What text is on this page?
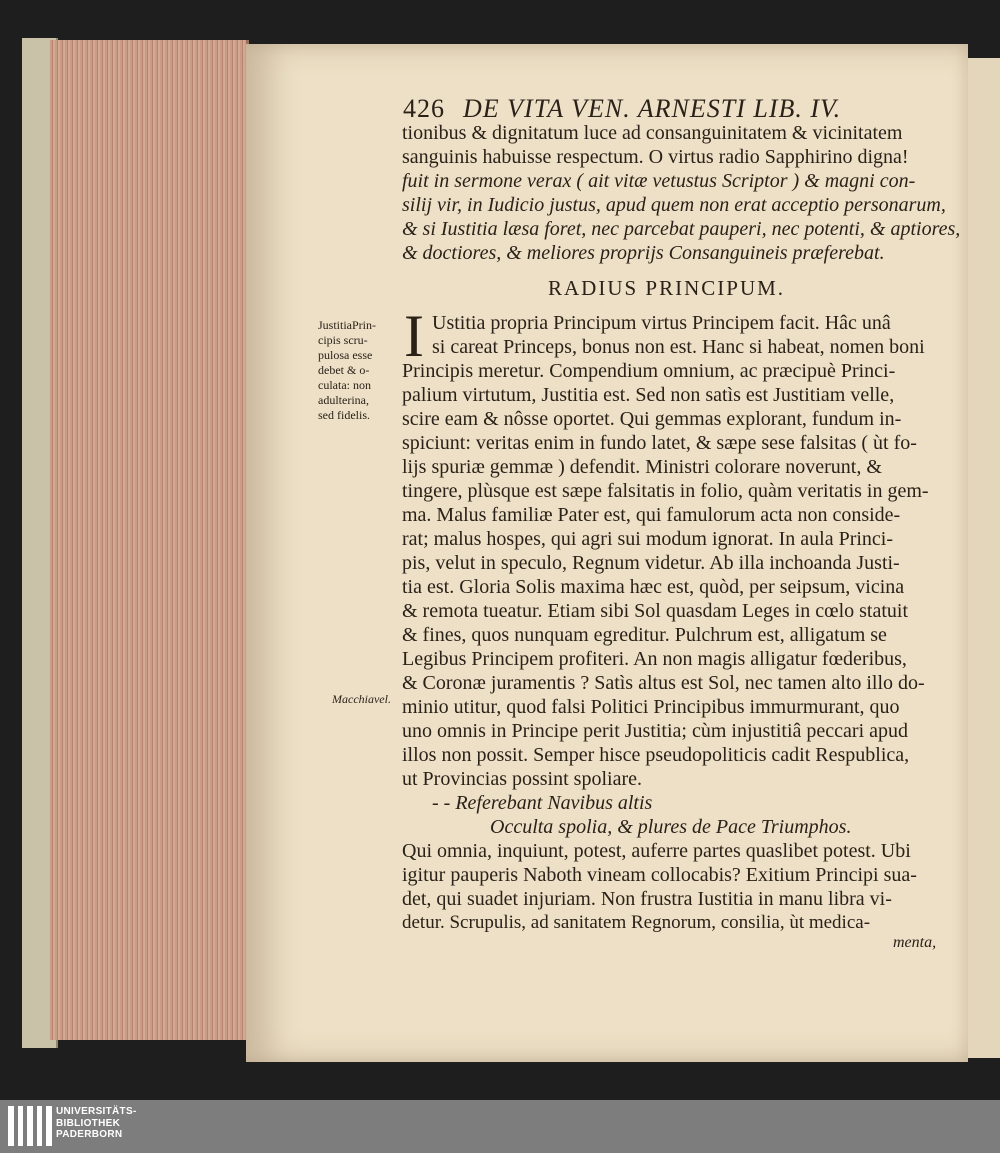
426 DE VITA VEN. ARNESTI LIB. IV.
tionibus & dignitatum luce ad consanguinitatem & vicinitatem
sanguinis habuisse respectum. O virtus radio Sapphirino digna!
fuit in sermone verax ( ait vitæ vetustus Scriptor ) & magni con-
silij vir, in Iudicio justus, apud quem non erat acceptio personarum,
& si Iustitia læsa foret, nec parcebat pauperi, nec potenti, & aptiores,
& doctiores, & meliores proprijs Consanguineis præferebat.
RADIUS PRINCIPUM.
I Ustitia propria Principum virtus Principem facit. Hâc unâ
si careat Princeps, bonus non est. Hanc si habeat, nomen boni
Principis meretur. Compendium omnium, ac præcipuè Princi-
palium virtutum, Justitia est. Sed non satìs est Justitiam velle,
scire eam & nôsse oportet. Qui gemmas explorant, fundum in-
spiciunt: veritas enim in fundo latet, & sæpe sese falsitas ( ùt fo-
lijs spuriæ gemmæ ) defendit. Ministri colorare noverunt, &
tingere, plùsque est sæpe falsitatis in folio, quàm veritatis in gem-
ma. Malus familiæ Pater est, qui famulorum acta non conside-
rat; malus hospes, qui agri sui modum ignorat. In aula Princi-
pis, velut in speculo, Regnum videtur. Ab illa inchoanda Justi-
tia est. Gloria Solis maxima hæc est, quòd, per seipsum, vicina
& remota tueatur. Etiam sibi Sol quasdam Leges in cœlo statuit
& fines, quos nunquam egreditur. Pulchrum est, alligatum se
Legibus Principem profiteri. An non magis alligatur fœderibus,
& Coronæ juramentis ? Satìs altus est Sol, nec tamen alto illo do-
minio utitur, quod falsi Politici Principibus immurmurant, quo
uno omnis in Principe perit Justitia; cùm injustitiâ peccari apud
illos non possit. Semper hisce pseudopoliticis cadit Respublica,
ut Provincias possint spoliare.
- - Referebant Navibus altis
Occulta spolia, & plures de Pace Triumphos.
Qui omnia, inquiunt, potest, auferre partes quaslibet potest. Ubi
igitur pauperis Naboth vineam collocabis? Exitium Principi sua-
det, qui suadet injuriam. Non frustra Iustitia in manu libra vi-
detur. Scrupulis, ad sanitatem Regnorum, consilia, ùt medica-
menta,
JustitiaPrin-
cipis scru-
pulosa esse
debet & o-
culata: non
adulterina,
sed fidelis.
Macchiavel.
UNIVERSITÄTS-
BIBLIOTHEK
PADERBORN
